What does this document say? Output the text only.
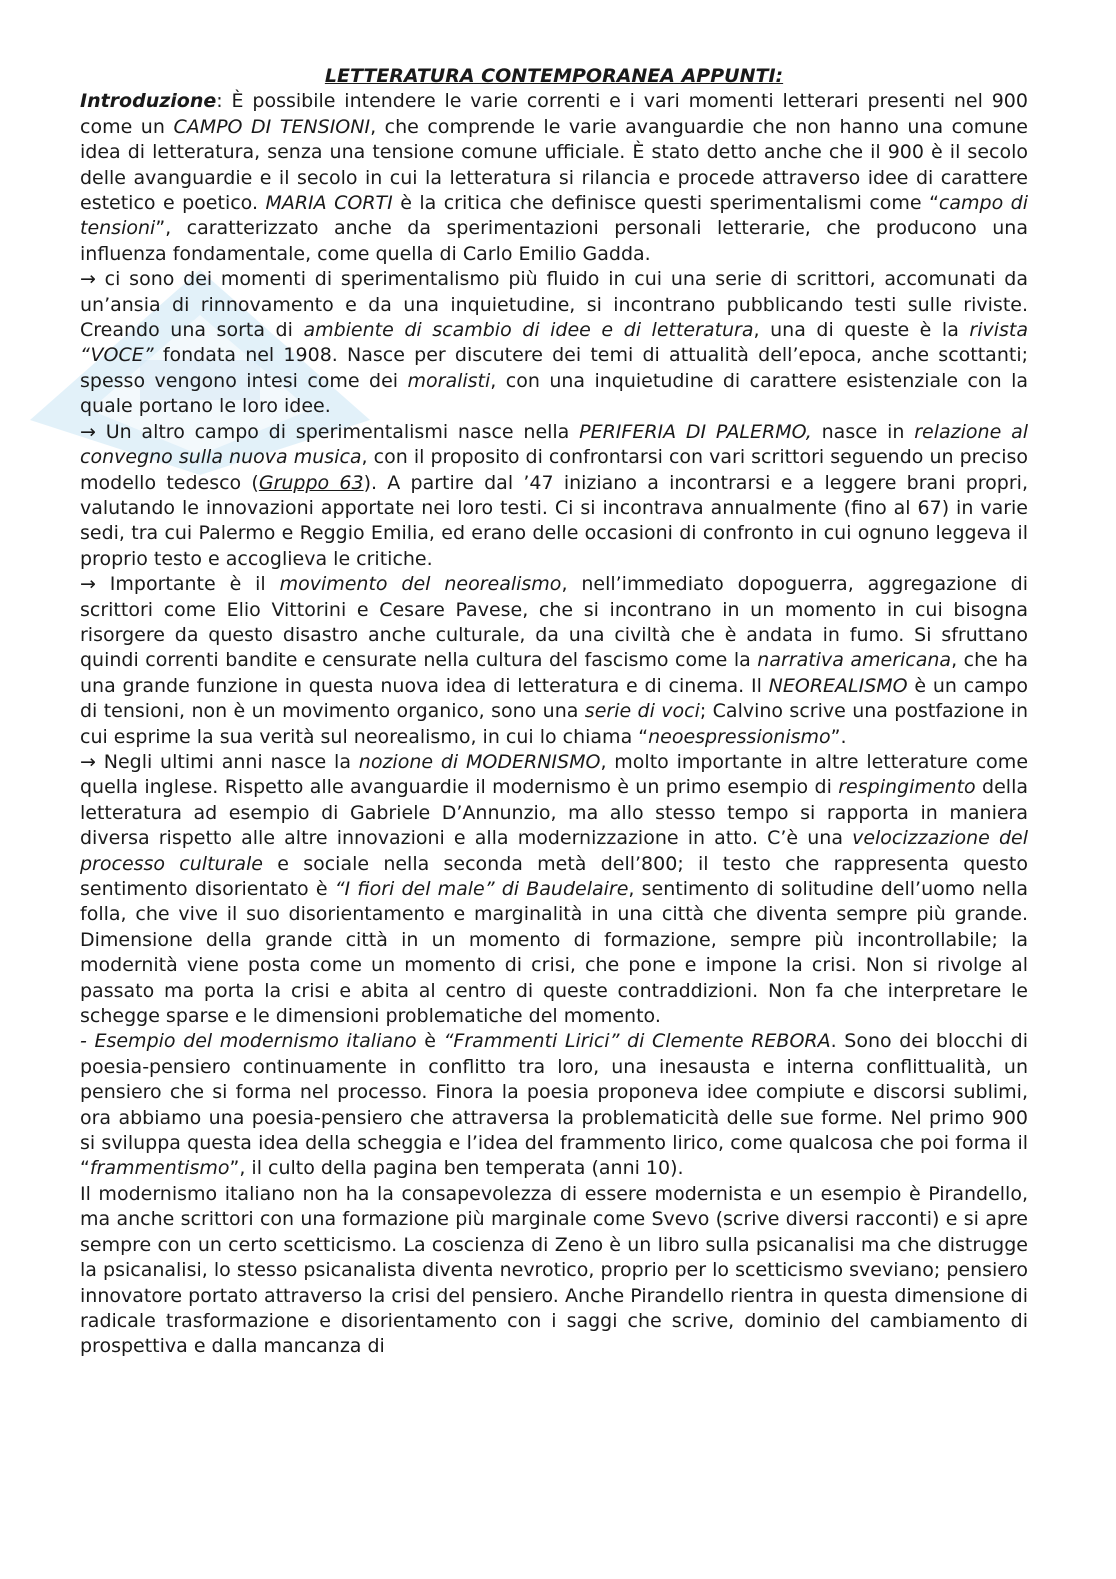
LETTERATURA CONTEMPORANEA APPUNTI:

Introduzione: È possibile intendere le varie correnti e i vari momenti letterari presenti nel 900 come un CAMPO DI TENSIONI, che comprende le varie avanguardie che non hanno una comune idea di letteratura, senza una tensione comune ufficiale. È stato detto anche che il 900 è il secolo delle avanguardie e il secolo in cui la letteratura si rilancia e procede attraverso idee di carattere estetico e poetico. MARIA CORTI è la critica che definisce questi sperimentalismi come “campo di tensioni”, caratterizzato anche da sperimentazioni personali letterarie, che producono una influenza fondamentale, come quella di Carlo Emilio Gadda.

→ ci sono dei momenti di sperimentalismo più fluido in cui una serie di scrittori, accomunati da un’ansia di rinnovamento e da una inquietudine, si incontrano pubblicando testi sulle riviste. Creando una sorta di ambiente di scambio di idee e di letteratura, una di queste è la rivista “VOCE” fondata nel 1908. Nasce per discutere dei temi di attualità dell’epoca, anche scottanti; spesso vengono intesi come dei moralisti, con una inquietudine di carattere esistenziale con la quale portano le loro idee.

→ Un altro campo di sperimentalismi nasce nella PERIFERIA DI PALERMO, nasce in relazione al convegno sulla nuova musica, con il proposito di confrontarsi con vari scrittori seguendo un preciso modello tedesco (Gruppo 63). A partire dal ’47 iniziano a incontrarsi e a leggere brani propri, valutando le innovazioni apportate nei loro testi. Ci si incontrava annualmente (fino al 67) in varie sedi, tra cui Palermo e Reggio Emilia, ed erano delle occasioni di confronto in cui ognuno leggeva il proprio testo e accoglieva le critiche.

→ Importante è il movimento del neorealismo, nell’immediato dopoguerra, aggregazione di scrittori come Elio Vittorini e Cesare Pavese, che si incontrano in un momento in cui bisogna risorgere da questo disastro anche culturale, da una civiltà che è andata in fumo. Si sfruttano quindi correnti bandite e censurate nella cultura del fascismo come la narrativa americana, che ha una grande funzione in questa nuova idea di letteratura e di cinema. Il NEOREALISMO è un campo di tensioni, non è un movimento organico, sono una serie di voci; Calvino scrive una postfazione in cui esprime la sua verità sul neorealismo, in cui lo chiama “neoespressionismo”.

→ Negli ultimi anni nasce la nozione di MODERNISMO, molto importante in altre letterature come quella inglese. Rispetto alle avanguardie il modernismo è un primo esempio di respingimento della letteratura ad esempio di Gabriele D’Annunzio, ma allo stesso tempo si rapporta in maniera diversa rispetto alle altre innovazioni e alla modernizzazione in atto. C’è una velocizzazione del processo culturale e sociale nella seconda metà dell’800; il testo che rappresenta questo sentimento disorientato è “I fiori del male” di Baudelaire, sentimento di solitudine dell’uomo nella folla, che vive il suo disorientamento e marginalità in una città che diventa sempre più grande. Dimensione della grande città in un momento di formazione, sempre più incontrollabile; la modernità viene posta come un momento di crisi, che pone e impone la crisi. Non si rivolge al passato ma porta la crisi e abita al centro di queste contraddizioni. Non fa che interpretare le schegge sparse e le dimensioni problematiche del momento.

- Esempio del modernismo italiano è “Frammenti Lirici” di Clemente REBORA. Sono dei blocchi di poesia-pensiero continuamente in conflitto tra loro, una inesausta e interna conflittualità, un pensiero che si forma nel processo. Finora la poesia proponeva idee compiute e discorsi sublimi, ora abbiamo una poesia-pensiero che attraversa la problematicità delle sue forme. Nel primo 900 si sviluppa questa idea della scheggia e l’idea del frammento lirico, come qualcosa che poi forma il “frammentismo”, il culto della pagina ben temperata (anni 10).

Il modernismo italiano non ha la consapevolezza di essere modernista e un esempio è Pirandello, ma anche scrittori con una formazione più marginale come Svevo (scrive diversi racconti) e si apre sempre con un certo scetticismo. La coscienza di Zeno è un libro sulla psicanalisi ma che distrugge la psicanalisi, lo stesso psicanalista diventa nevrotico, proprio per lo scetticismo sveviano; pensiero innovatore portato attraverso la crisi del pensiero. Anche Pirandello rientra in questa dimensione di radicale trasformazione e disorientamento con i saggi che scrive, dominio del cambiamento di prospettiva e dalla mancanza di
